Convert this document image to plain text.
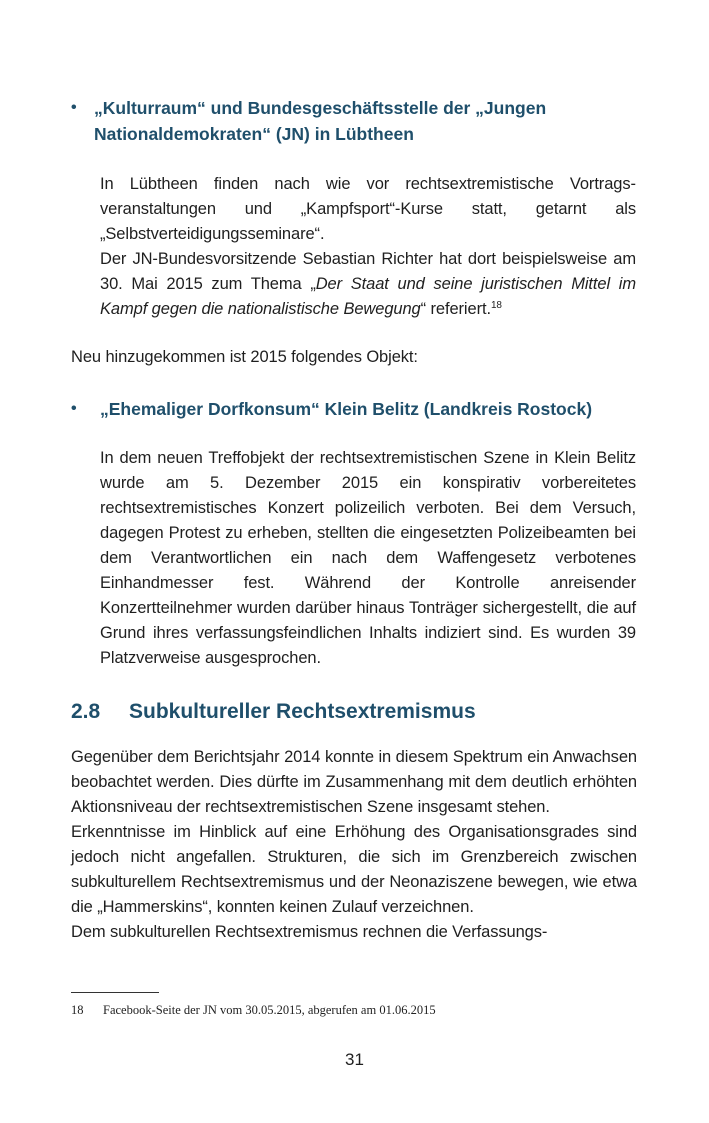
• „Kulturraum“ und Bundesgeschäftsstelle der „Jungen Nationaldemokraten“ (JN) in Lübtheen

In Lübtheen finden nach wie vor rechtsextremistische Vortragsveranstaltungen und „Kampfsport“-Kurse statt, getarnt als „Selbstverteidigungsseminare“.

Der JN-Bundesvorsitzende Sebastian Richter hat dort beispielsweise am 30. Mai 2015 zum Thema „Der Staat und seine juristischen Mittel im Kampf gegen die nationalistische Bewegung“ referiert.$^{18}$

Neu hinzugekommen ist 2015 folgendes Objekt:

•	„Ehemaliger Dorfkonsum“ Klein Belitz (Landkreis Rostock)

In dem neuen Treffobjekt der rechtsextremistischen Szene in Klein Belitz wurde am 5. Dezember 2015 ein konspirativ vorbereitetes rechtsextremistisches Konzert polizeilich verboten. Bei dem Versuch, dagegen Protest zu erheben, stellten die eingesetzten Polizeibeamten bei dem Verantwortlichen ein nach dem Waffengesetz verbotenes Einhandmesser fest. Während der Kontrolle anreisender Konzertteilnehmer wurden darüber hinaus Tonträger sichergestellt, die auf Grund ihres verfassungsfeindlichen Inhalts indiziert sind. Es wurden 39 Platzverweise ausgesprochen.

2.8 Subkultureller Rechtsextremismus

Gegenüber dem Berichtsjahr 2014 konnte in diesem Spektrum ein Anwachsen beobachtet werden. Dies dürfte im Zusammenhang mit dem deutlich erhöhten Aktionsniveau der rechtsextremistischen Szene insgesamt stehen.

Erkenntnisse im Hinblick auf eine Erhöhung des Organisationsgrades sind jedoch nicht angefallen. Strukturen, die sich im Grenzbereich zwischen subkulturellem Rechtsextremismus und der Neonaziszene bewegen, wie etwa die „Hammerskins“, konnten keinen Zulauf verzeichnen.

Dem subkulturellen Rechtsextremismus rechnen die Verfassungs-

18 Facebook-Seite der JN vom 30.05.2015, abgerufen am 01.06.2015
31
